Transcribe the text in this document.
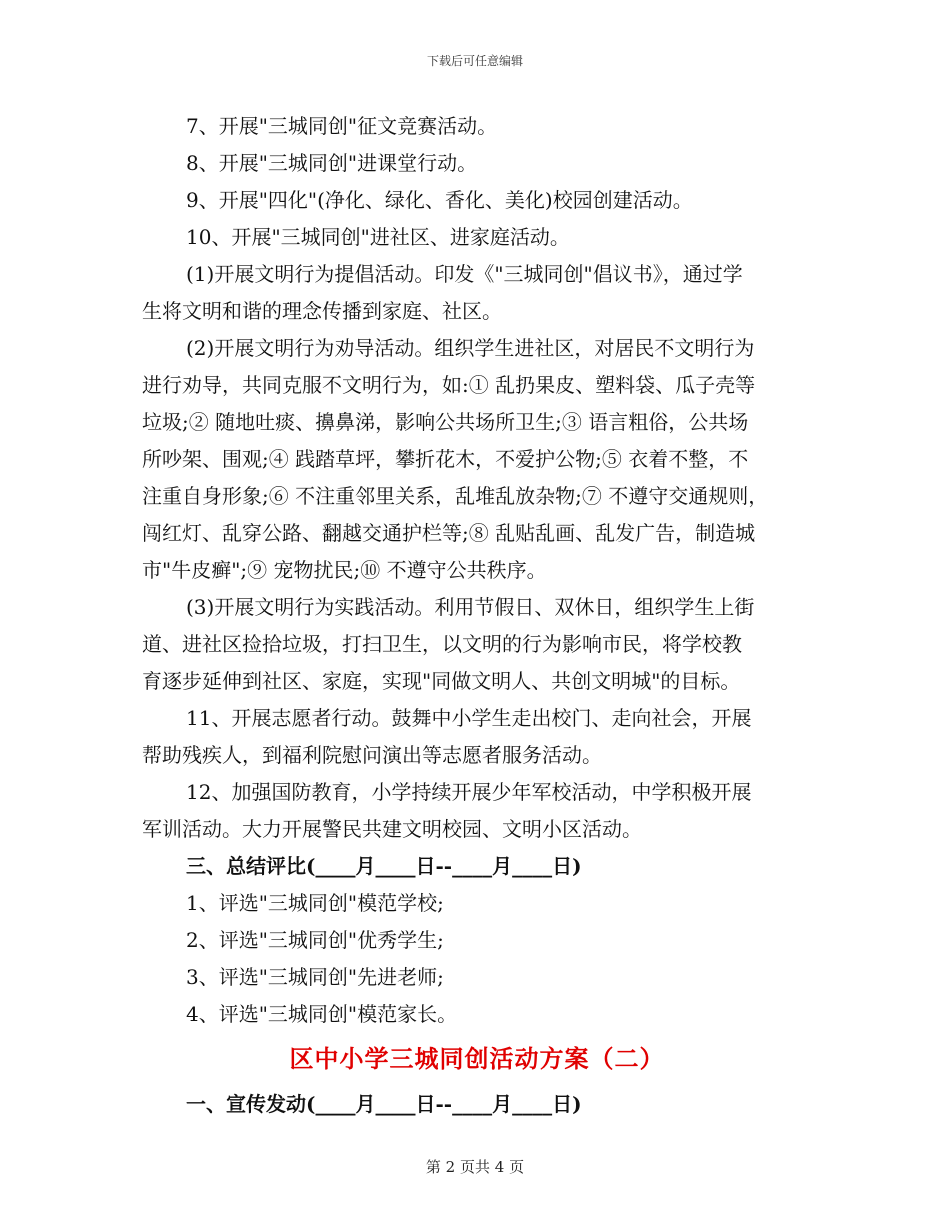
下载后可任意编辑
7、开展"三城同创"征文竞赛活动。
8、开展"三城同创"进课堂行动。
9、开展"四化"(净化、绿化、香化、美化)校园创建活动。
10、开展"三城同创"进社区、进家庭活动。
(1)开展文明行为提倡活动。印发《"三城同创"倡议书》，通过学
生将文明和谐的理念传播到家庭、社区。
(2)开展文明行为劝导活动。组织学生进社区，对居民不文明行为
进行劝导，共同克服不文明行为，如:① 乱扔果皮、塑料袋、瓜子壳等
垃圾;② 随地吐痰、擤鼻涕，影响公共场所卫生;③ 语言粗俗，公共场
所吵架、围观;④ 践踏草坪，攀折花木，不爱护公物;⑤ 衣着不整，不
注重自身形象;⑥ 不注重邻里关系，乱堆乱放杂物;⑦ 不遵守交通规则，
闯红灯、乱穿公路、翻越交通护栏等;⑧ 乱贴乱画、乱发广告，制造城
市"牛皮癣";⑨ 宠物扰民;⑩ 不遵守公共秩序。
(3)开展文明行为实践活动。利用节假日、双休日，组织学生上街
道、进社区捡拾垃圾，打扫卫生，以文明的行为影响市民，将学校教
育逐步延伸到社区、家庭，实现"同做文明人、共创文明城"的目标。
11、开展志愿者行动。鼓舞中小学生走出校门、走向社会，开展
帮助残疾人，到福利院慰问演出等志愿者服务活动。
12、加强国防教育，小学持续开展少年军校活动，中学积极开展
军训活动。大力开展警民共建文明校园、文明小区活动。
三、总结评比(____月____日--____月____日)
1、评选"三城同创"模范学校;
2、评选"三城同创"优秀学生;
3、评选"三城同创"先进老师;
4、评选"三城同创"模范家长。
区中小学三城同创活动方案（二）
一、宣传发动(____月____日--____月____日)
第 2 页共 4 页
